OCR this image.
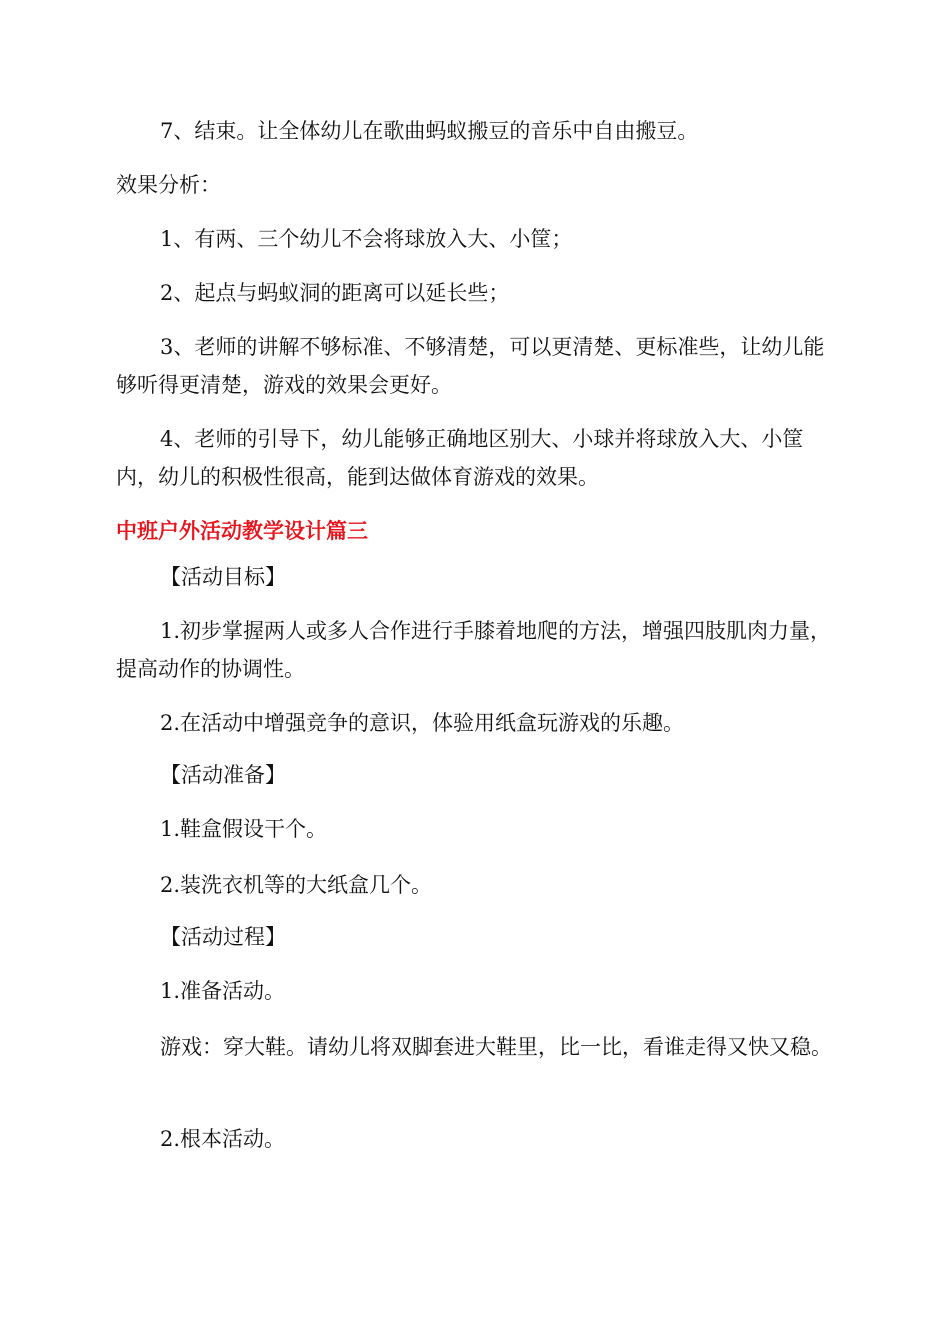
7、结束。让全体幼儿在歌曲蚂蚁搬豆的音乐中自由搬豆。

效果分析：

1、有两、三个幼儿不会将球放入大、小筐；

2、起点与蚂蚁洞的距离可以延长些；

3、老师的讲解不够标准、不够清楚，可以更清楚、更标准些，让幼儿能够听得更清楚，游戏的效果会更好。

4、老师的引导下，幼儿能够正确地区别大、小球并将球放入大、小筐内，幼儿的积极性很高，能到达做体育游戏的效果。

中班户外活动教学设计篇三

【活动目标】

1.初步掌握两人或多人合作进行手膝着地爬的方法，增强四肢肌肉力量，提高动作的协调性。

2.在活动中增强竞争的意识，体验用纸盒玩游戏的乐趣。

【活动准备】

1.鞋盒假设干个。

2.装洗衣机等的大纸盒几个。

【活动过程】

1.准备活动。

游戏：穿大鞋。请幼儿将双脚套进大鞋里，比一比，看谁走得又快又稳。

2.根本活动。
